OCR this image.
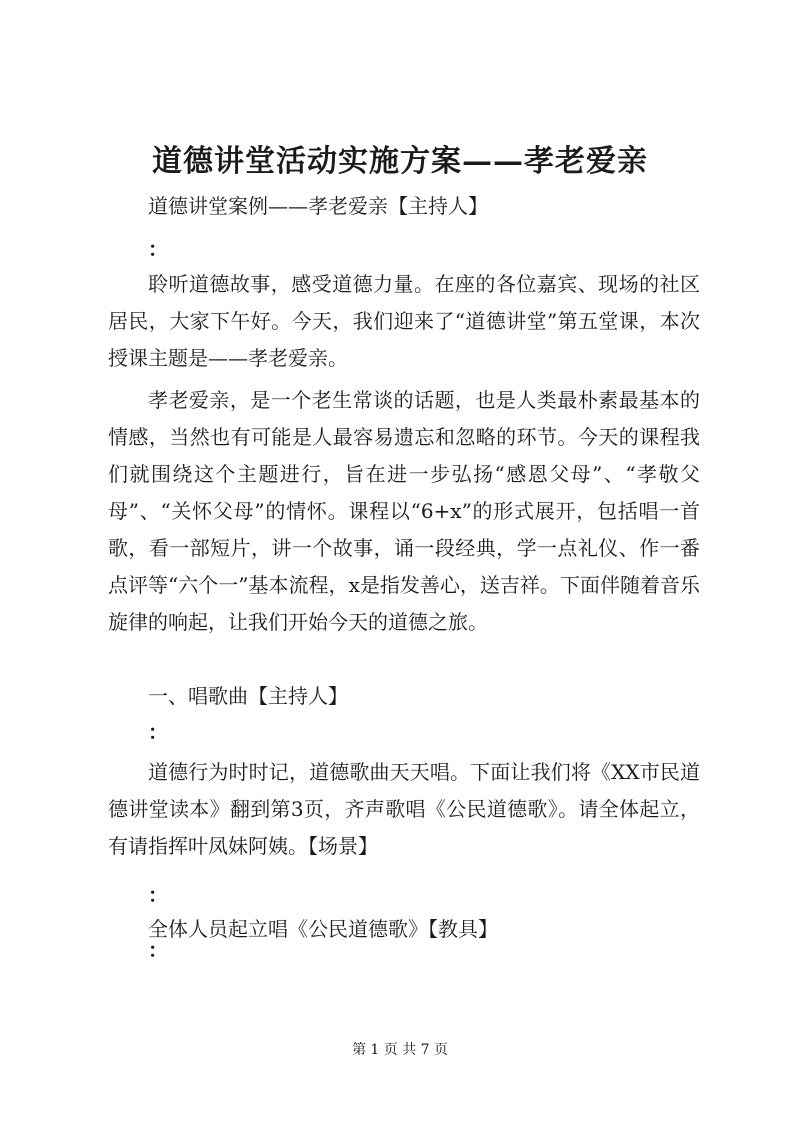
道德讲堂活动实施方案——孝老爱亲
道德讲堂案例——孝老爱亲【主持人】
：
聆听道德故事，感受道德力量。在座的各位嘉宾、现场的社区居民，大家下午好。今天，我们迎来了“道德讲堂”第五堂课，本次授课主题是——孝老爱亲。
孝老爱亲，是一个老生常谈的话题，也是人类最朴素最基本的情感，当然也有可能是人最容易遗忘和忽略的环节。今天的课程我们就围绕这个主题进行，旨在进一步弘扬“感恩父母”、“孝敬父母”、“关怀父母”的情怀。课程以“6+x”的形式展开，包括唱一首歌，看一部短片，讲一个故事，诵一段经典，学一点礼仪、作一番点评等“六个一”基本流程，x是指发善心，送吉祥。下面伴随着音乐旋律的响起，让我们开始今天的道德之旅。
一、唱歌曲【主持人】
：
道德行为时时记，道德歌曲天天唱。下面让我们将《XX市民道德讲堂读本》翻到第3页，齐声歌唱《公民道德歌》。请全体起立，有请指挥叶凤妹阿姨。【场景】
：
全体人员起立唱《公民道德歌》【教具】
：
第 1 页 共 7 页
